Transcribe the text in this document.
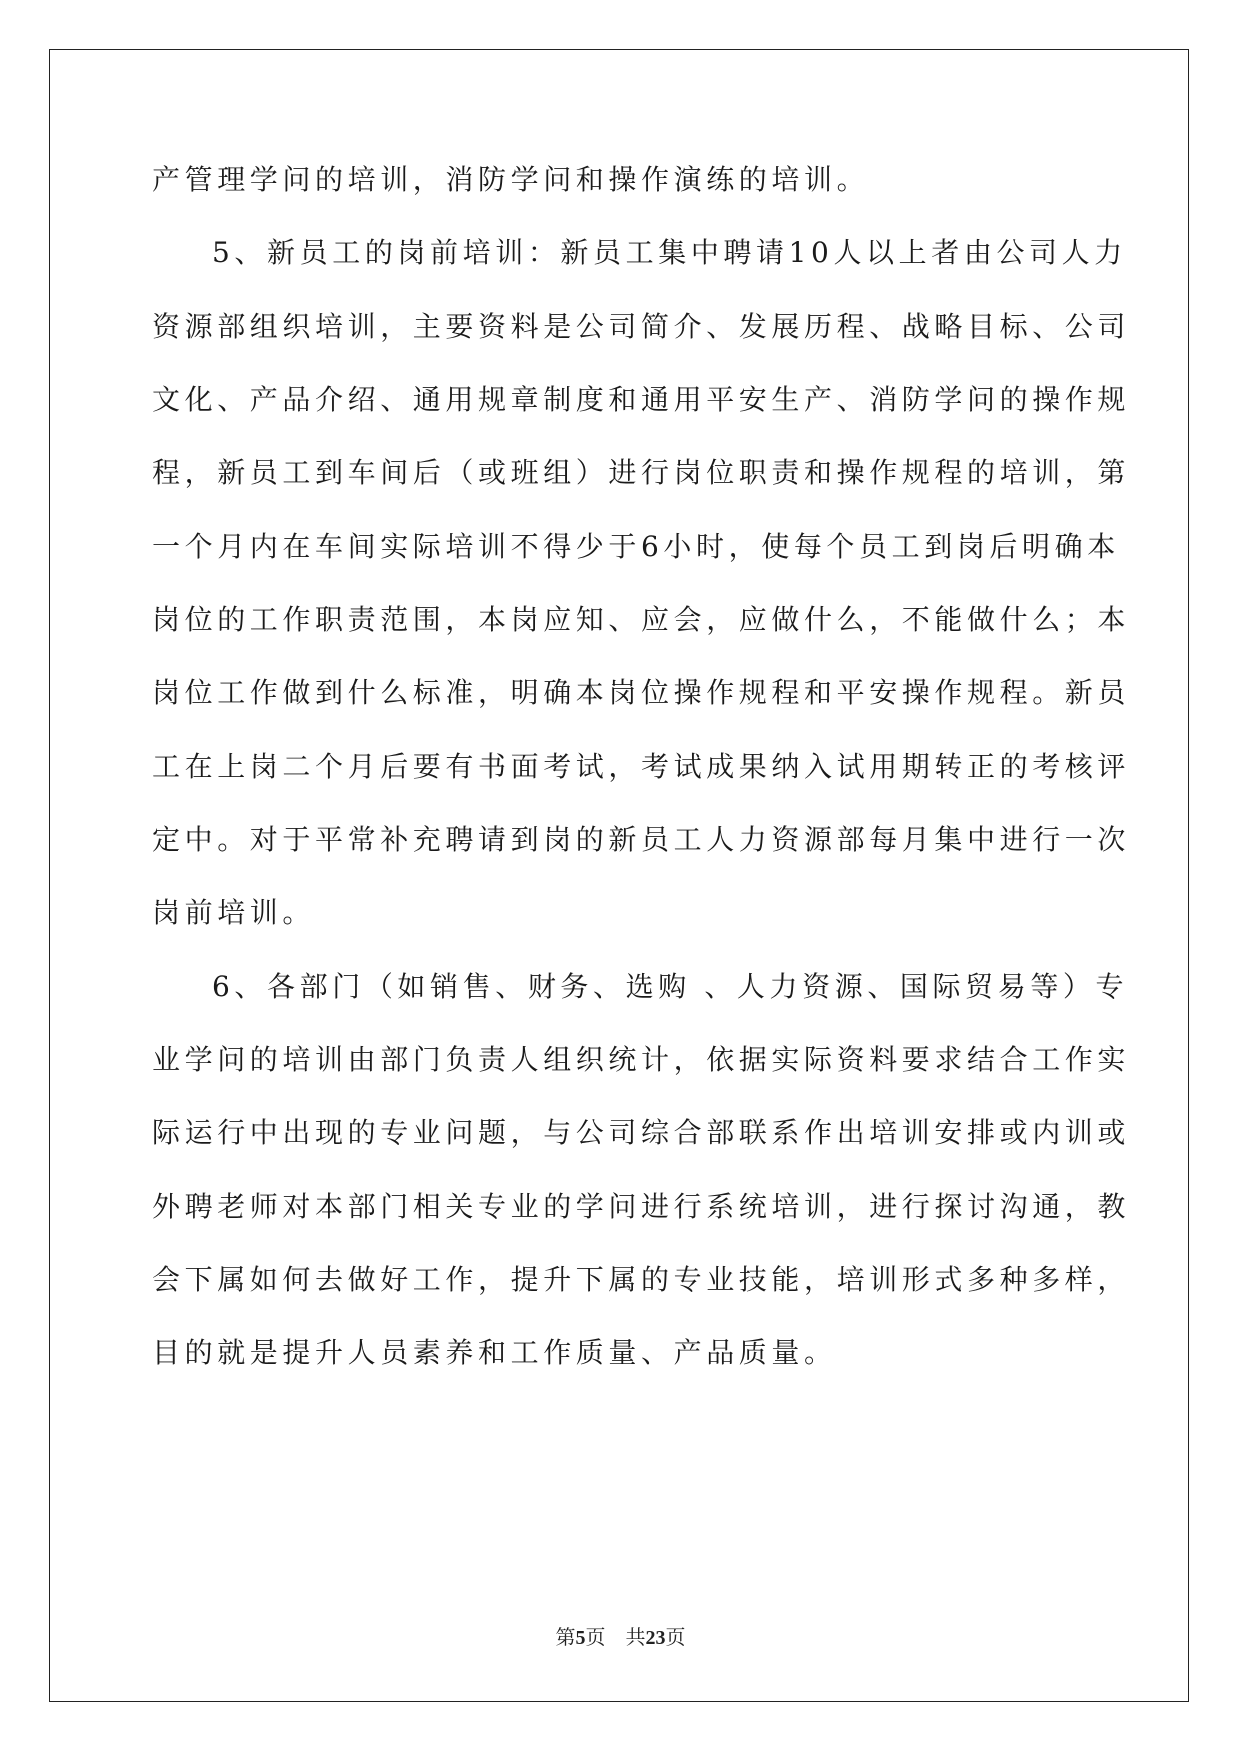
产管理学问的培训，消防学问和操作演练的培训。
5、新员工的岗前培训：新员工集中聘请10人以上者由公司人力
资源部组织培训，主要资料是公司简介、发展历程、战略目标、公司
文化、产品介绍、通用规章制度和通用平安生产、消防学问的操作规
程，新员工到车间后（或班组）进行岗位职责和操作规程的培训，第
一个月内在车间实际培训不得少于6小时，使每个员工到岗后明确本
岗位的工作职责范围，本岗应知、应会，应做什么，不能做什么；本
岗位工作做到什么标准，明确本岗位操作规程和平安操作规程。新员
工在上岗二个月后要有书面考试，考试成果纳入试用期转正的考核评
定中。对于平常补充聘请到岗的新员工人力资源部每月集中进行一次
岗前培训。
6、各部门（如销售、财务、选购 、人力资源、国际贸易等）专
业学问的培训由部门负责人组织统计，依据实际资料要求结合工作实
际运行中出现的专业问题，与公司综合部联系作出培训安排或内训或
外聘老师对本部门相关专业的学问进行系统培训，进行探讨沟通，教
会下属如何去做好工作，提升下属的专业技能，培训形式多种多样，
目的就是提升人员素养和工作质量、产品质量。
第5页 共23页
